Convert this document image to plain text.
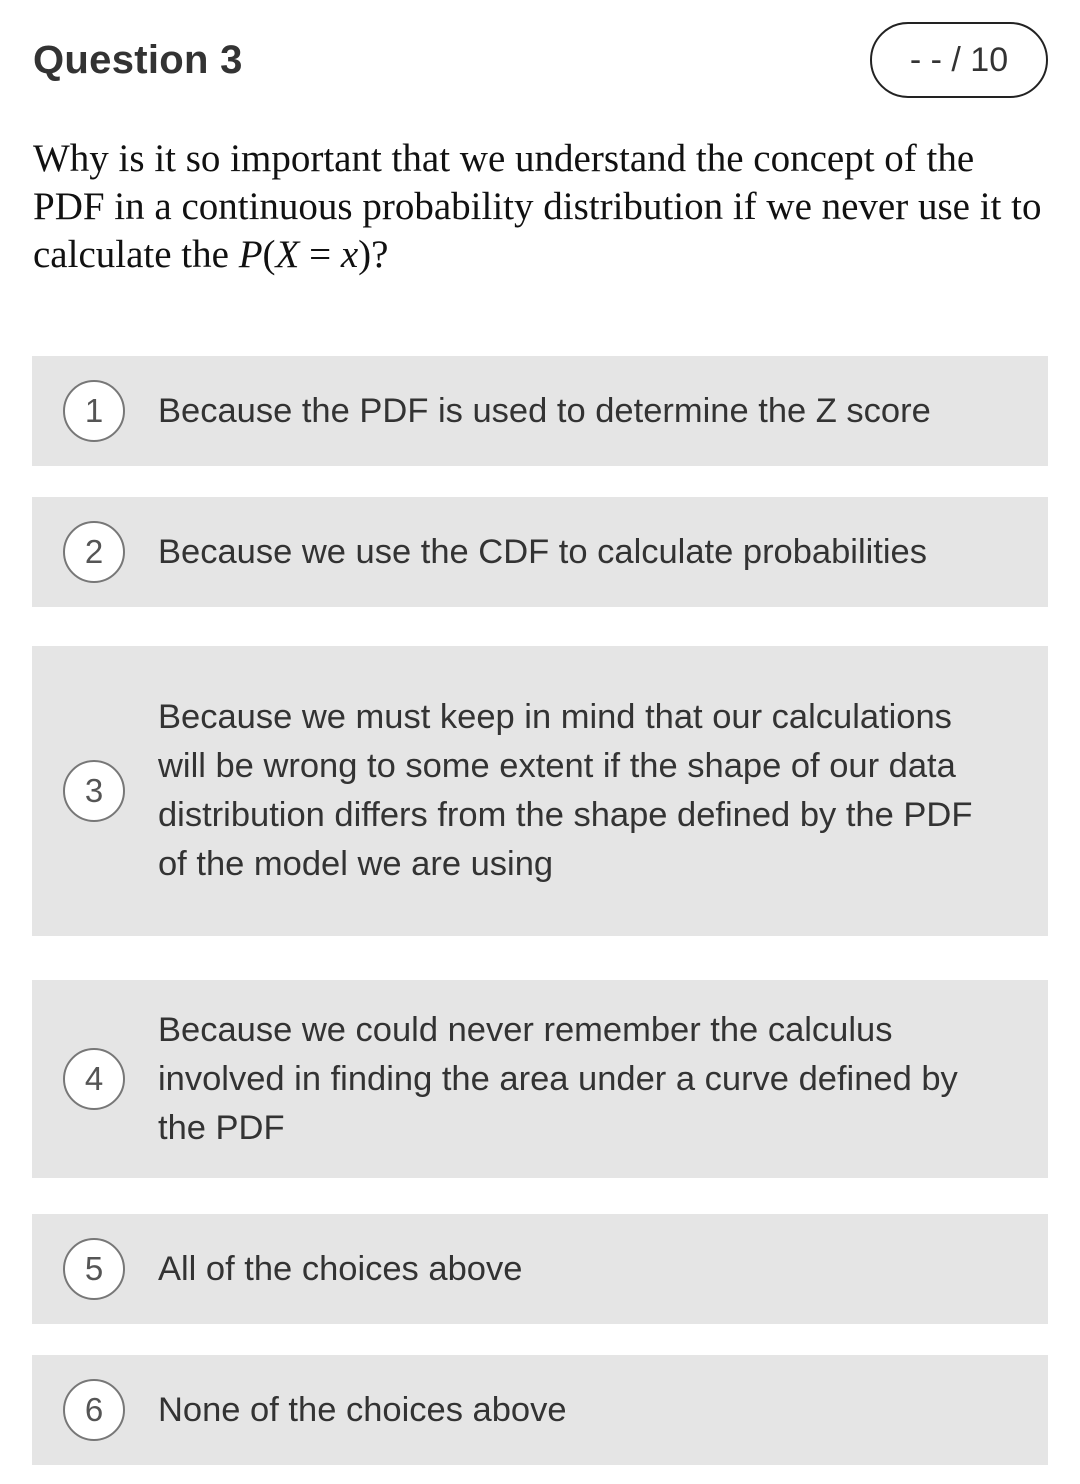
Question 3	- - / 10
Why is it so important that we understand the concept of the PDF in a continuous probability distribution if we never use it to calculate the P(X = x)?
1	Because the PDF is used to determine the Z score
2	Because we use the CDF to calculate probabilities
3
Because we must keep in mind that our calculations will be wrong to some extent if the shape of our data distribution differs from the shape defined by the PDF of the model we are using
4
Because we could never remember the calculus involved in finding the area under a curve defined by the PDF
5	All of the choices above
6	None of the choices above
